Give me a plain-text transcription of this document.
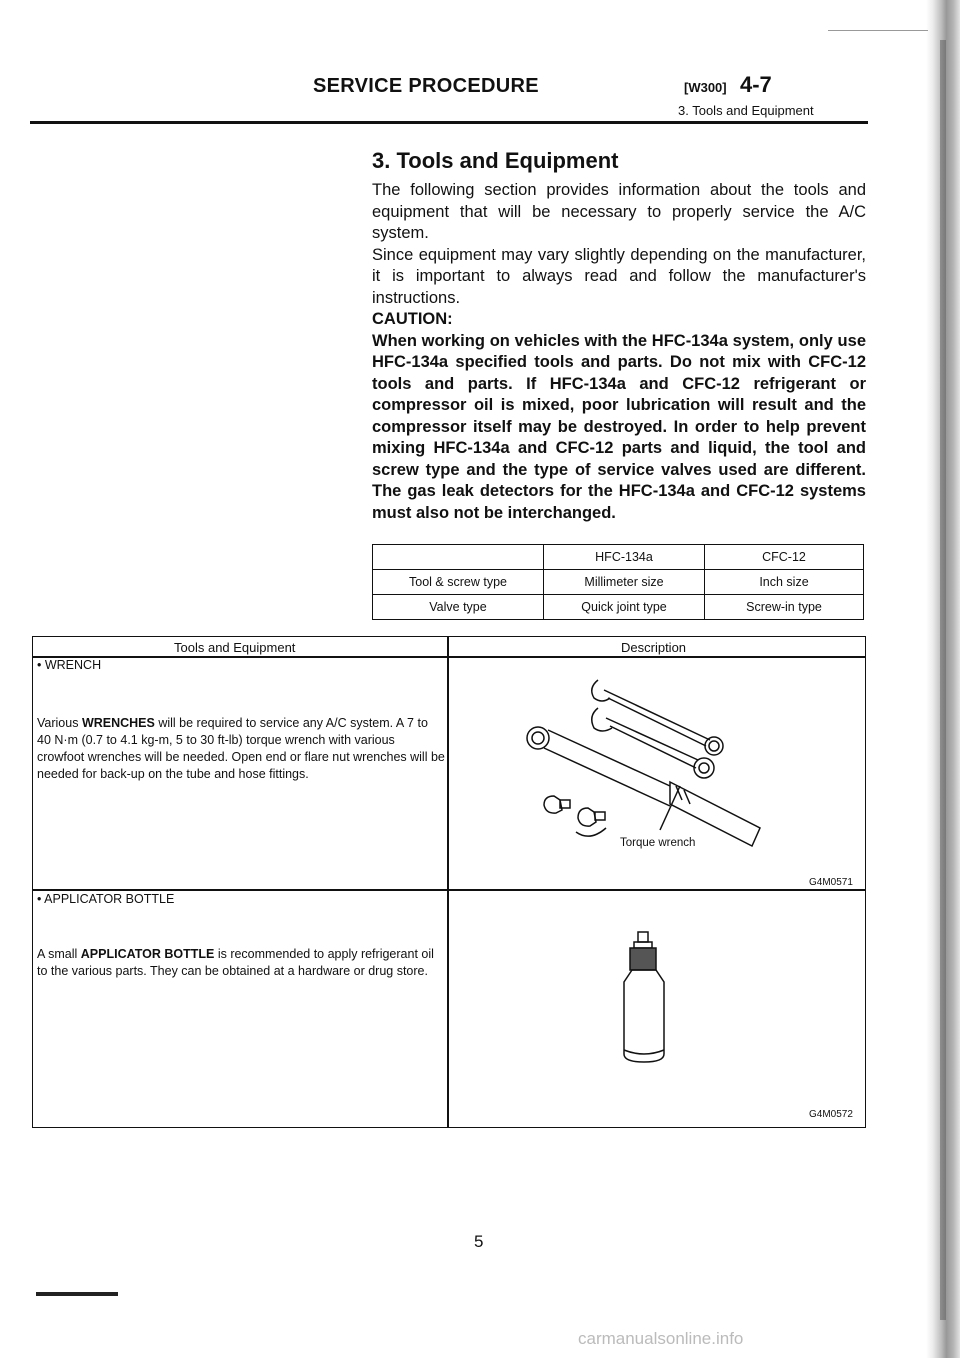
SERVICE PROCEDURE	[W300] 4-7
3. Tools and Equipment
3. Tools and Equipment

The following section provides information about the tools and equipment that will be necessary to properly service the A/C system.

Since equipment may vary slightly depending on the manufacturer, it is important to always read and follow the manufacturer's instructions.

CAUTION:

When working on vehicles with the HFC-134a system, only use HFC-134a specified tools and parts. Do not mix with CFC-12 tools and parts. If HFC-134a and CFC-12 refrigerant or compressor oil is mixed, poor lubrication will result and the compressor itself may be destroyed. In order to help prevent mixing HFC-134a and CFC-12 parts and liquid, the tool and screw type and the type of service valves used are different. The gas leak detectors for the HFC-134a and CFC-12 systems must also not be interchanged.

	HFC-134a	CFC-12
Tool & screw type	Millimeter size	Inch size
Valve type	Quick joint type	Screw-in type
Tools and Equipment	Description
• WRENCH
Various WRENCHES will be required to service any A/C system. A 7 to 40 N·m (0.7 to 4.1 kg-m, 5 to 30 ft-lb) torque wrench with various crowfoot wrenches will be needed. Open end or flare nut wrenches will be needed for back-up on the tube and hose fittings.
Torque wrench
G4M0571
• APPLICATOR BOTTLE
A small APPLICATOR BOTTLE is recommended to apply refrigerant oil to the various parts. They can be obtained at a hardware or drug store.
G4M0572
5
carmanualsonline.info
